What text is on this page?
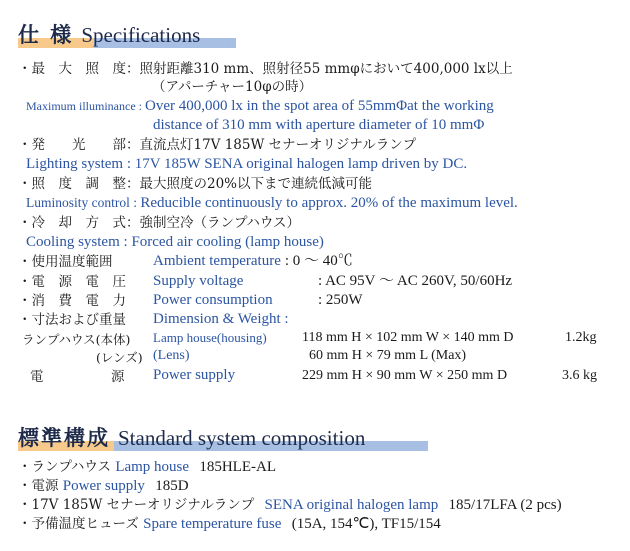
仕 様 Specifications
・最　大　照　度：照射距離310 mm、照射径55 mmφにおいて400,000 lx以上
（アパーチャー10φの時）
Maximum illuminance : Over 400,000 lx in the spot area of 55mmΦat the working
distance of 310 mm with aperture diameter of 10 mmΦ
・発　　光　　部：直流点灯17V 185W セナーオリジナルランプ
Lighting system : 17V 185W SENA original halogen lamp driven by DC.
・照　度　調　整：最大照度の20%以下まで連続低減可能
Luminosity control : Reducible continuously to approx. 20% of the maximum level.
・冷　却　方　式：強制空冷（ランプハウス）
Cooling system : Forced air cooling (lamp house)
・使用温度範囲	Ambient temperature : 0 ～ 40℃
・電　源　電　圧 Supply voltage	: AC 95V ～ AC 260V, 50/60Hz
・消　費　電　力 Power consumption	: 250W
・寸法および重量 Dimension & Weight :
ランプハウス(本体) Lamp house(housing)	118 mm H × 102 mm W × 140 mm D	1.2kg
(レンズ) (Lens)	60 mm H × 79 mm L (Max)
電　　　　　源 Power supply	229 mm H × 90 mm W × 250 mm D	3.6 kg
標準構成 Standard system composition
・ランプハウス Lamp house 185HLE-AL
・電源 Power supply 185D
・17V 185W セナーオリジナルランプ SENA original halogen lamp 185/17LFA (2 pcs)
・予備温度ヒューズ Spare temperature fuse (15A, 154℃), TF15/154
